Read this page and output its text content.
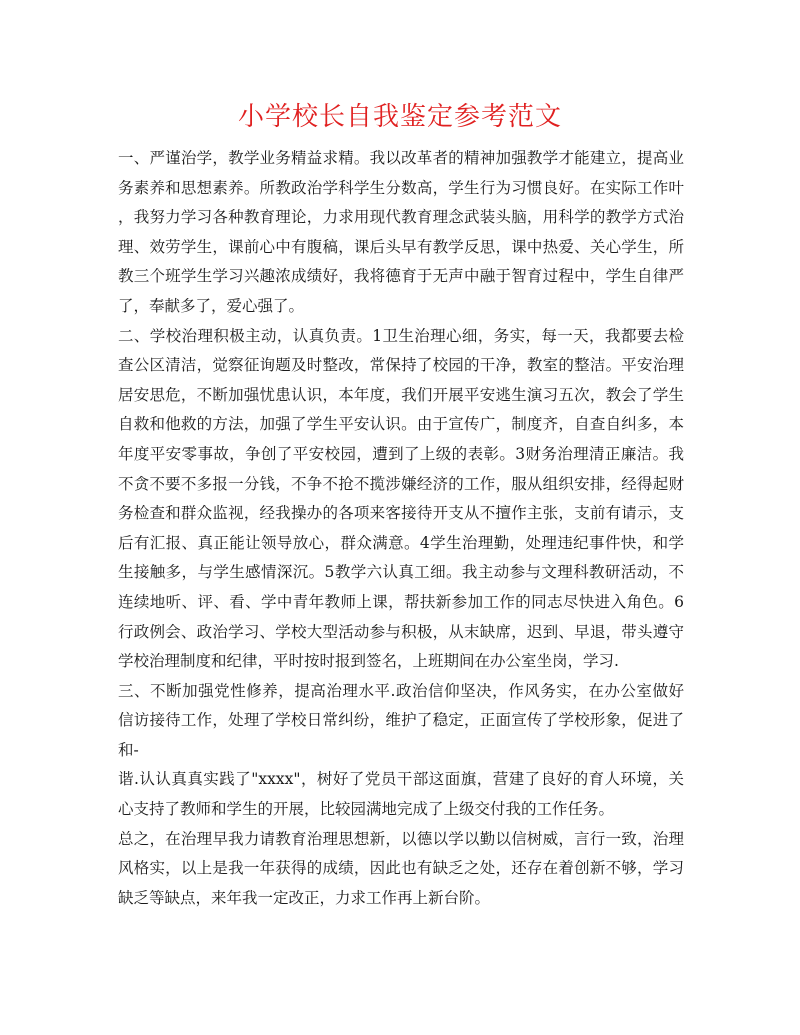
小学校长自我鉴定参考范文

一、严谨治学，教学业务精益求精。我以改革者的精神加强教学才能建立，提高业
务素养和思想素养。所教政治学科学生分数高，学生行为习惯良好。在实际工作叶
，我努力学习各种教育理论，力求用现代教育理念武装头脑，用科学的教学方式治
理、效劳学生，课前心中有腹稿，课后头早有教学反思，课中热爱、关心学生，所
教三个班学生学习兴趣浓成绩好，我将德育于无声中融于智育过程中，学生自律严
了，奉献多了，爱心强了。

二、学校治理积极主动，认真负责。1卫生治理心细，务实，每一天，我都要去检
查公区清洁，觉察征询题及时整改，常保持了校园的干净，教室的整洁。平安治理
居安思危，不断加强忧患认识，本年度，我们开展平安逃生演习五次，教会了学生
自救和他救的方法，加强了学生平安认识。由于宣传广，制度齐，自查自纠多，本
年度平安零事故，争创了平安校园，遭到了上级的表彰。3财务治理清正廉洁。我
不贪不要不多报一分钱，不争不抢不揽涉嫌经济的工作，服从组织安排，经得起财
务检查和群众监视，经我操办的各项来客接待开支从不擅作主张，支前有请示，支
后有汇报、真正能让领导放心，群众满意。4学生治理勤，处理违纪事件快，和学
生接触多，与学生感情深沉。5教学六认真工细。我主动参与文理科教研活动，不
连续地听、评、看、学中青年教师上课，帮扶新参加工作的同志尽快进入角色。6
行政例会、政治学习、学校大型活动参与积极，从末缺席，迟到、早退，带头遵守
学校治理制度和纪律，平时按时报到签名，上班期间在办公室坐岗，学习.

三、不断加强党性修养，提高治理水平.政治信仰坚决，作风务实，在办公室做好
信访接待工作，处理了学校日常纠纷，维护了稳定，正面宣传了学校形象，促进了
和-

谐.认认真真实践了"xxxx"，树好了党员干部这面旗，营建了良好的育人环境，关
心支持了教师和学生的开展，比较园满地完成了上级交付我的工作任务。

总之，在治理早我力请教育治理思想新，以德以学以勤以信树威，言行一致，治理
风格实，以上是我一年获得的成绩，因此也有缺乏之处，还存在着创新不够，学习
缺乏等缺点，来年我一定改正，力求工作再上新台阶。
